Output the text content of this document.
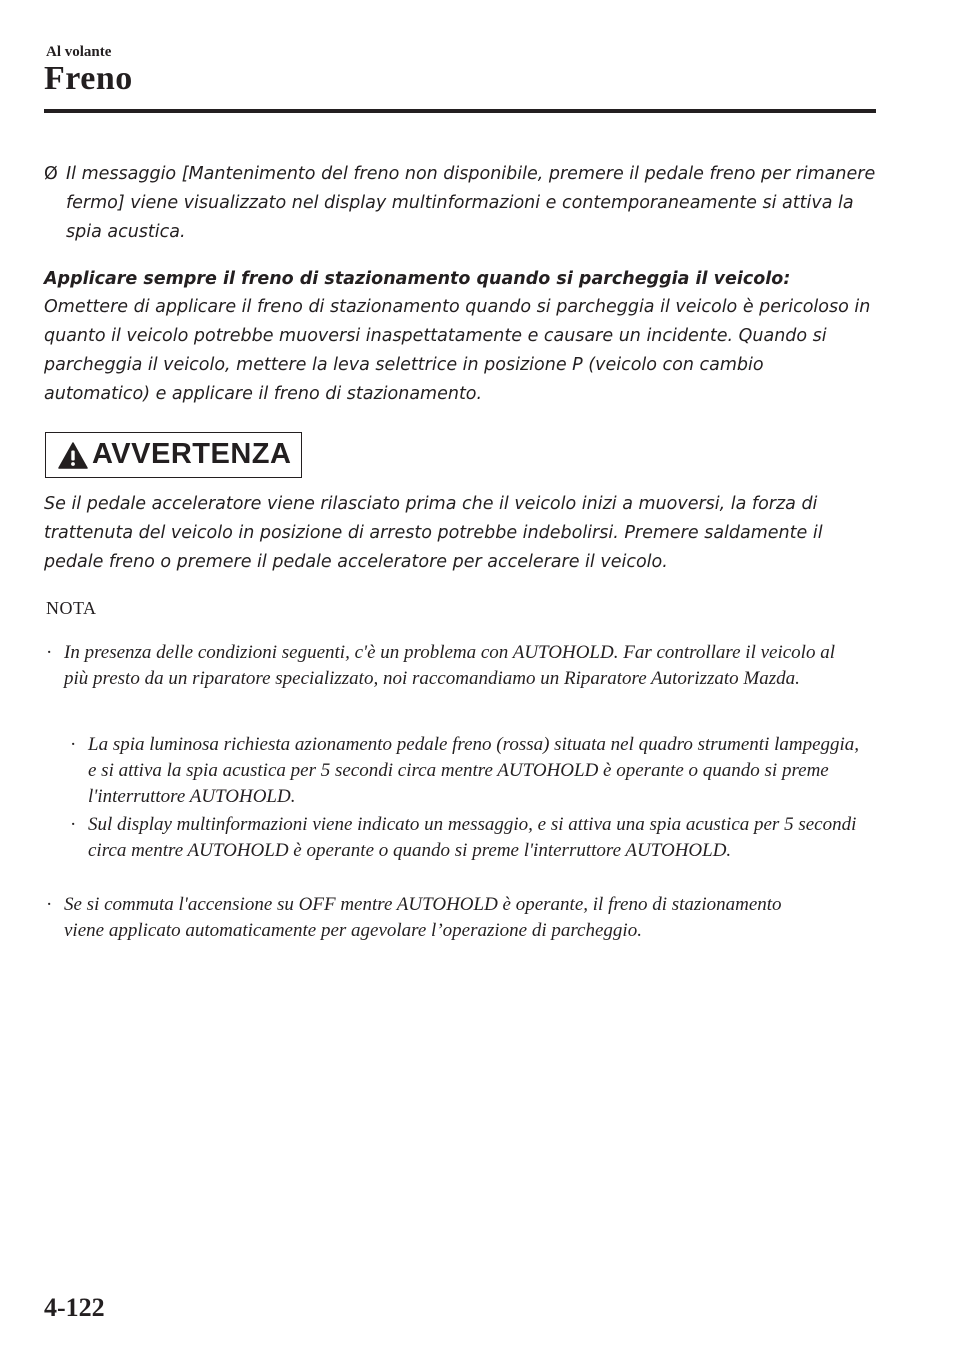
Al volante
Freno
Ø Il messaggio [Mantenimento del freno non disponibile, premere il pedale freno per rimanere fermo] viene visualizzato nel display multinformazioni e contemporaneamente si attiva la spia acustica.
Applicare sempre il freno di stazionamento quando si parcheggia il veicolo:
Omettere di applicare il freno di stazionamento quando si parcheggia il veicolo è pericoloso in quanto il veicolo potrebbe muoversi inaspettatamente e causare un incidente. Quando si parcheggia il veicolo, mettere la leva selettrice in posizione P (veicolo con cambio automatico) e applicare il freno di stazionamento.
AVVERTENZA
Se il pedale acceleratore viene rilasciato prima che il veicolo inizi a muoversi, la forza di trattenuta del veicolo in posizione di arresto potrebbe indebolirsi. Premere saldamente il pedale freno o premere il pedale acceleratore per accelerare il veicolo.
NOTA
· In presenza delle condizioni seguenti, c'è un problema con AUTOHOLD. Far controllare il veicolo al più presto da un riparatore specializzato, noi raccomandiamo un Riparatore Autorizzato Mazda.
· La spia luminosa richiesta azionamento pedale freno (rossa) situata nel quadro strumenti lampeggia, e si attiva la spia acustica per 5 secondi circa mentre AUTOHOLD è operante o quando si preme l'interruttore AUTOHOLD.
· Sul display multinformazioni viene indicato un messaggio, e si attiva una spia acustica per 5 secondi circa mentre AUTOHOLD è operante o quando si preme l'interruttore AUTOHOLD.
· Se si commuta l'accensione su OFF mentre AUTOHOLD è operante, il freno di stazionamento viene applicato automaticamente per agevolare l’operazione di parcheggio.
4-122
